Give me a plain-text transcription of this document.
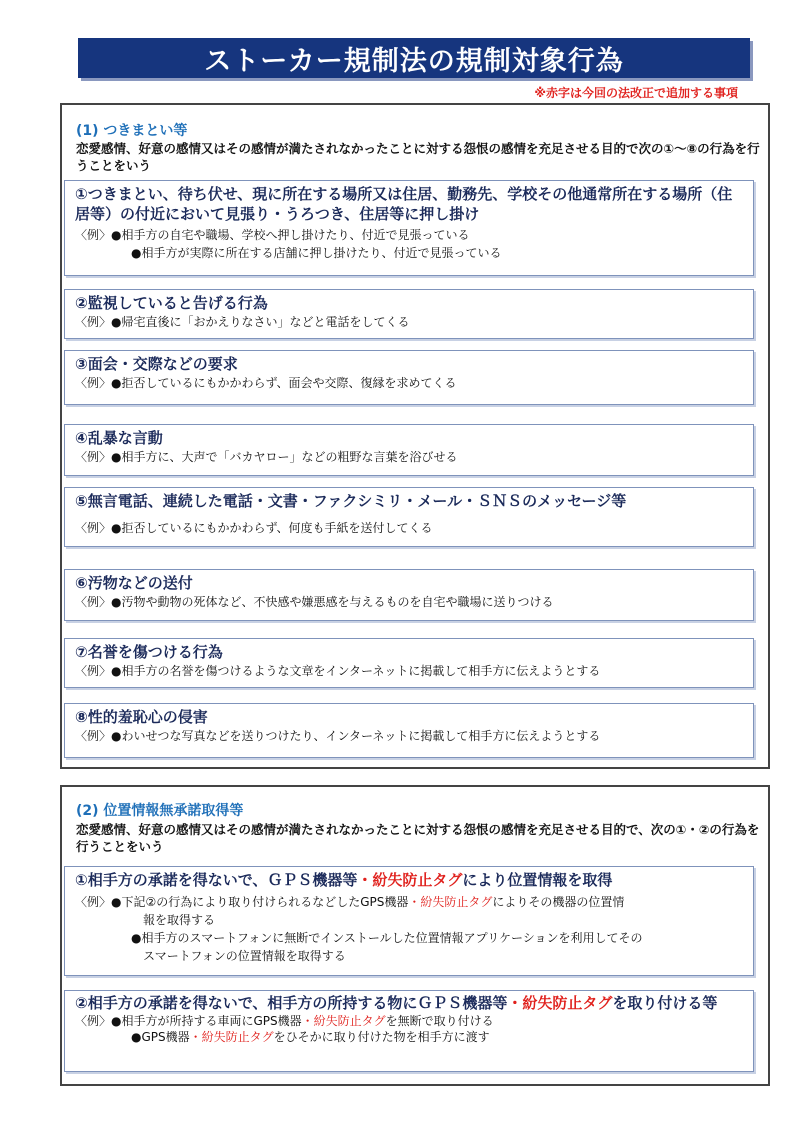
ストーカー規制法の規制対象行為
※赤字は今回の法改正で追加する事項
(1) つきまとい等
恋愛感情、好意の感情又はその感情が満たされなかったことに対する怨恨の感情を充足させる目的で次の①～⑧の行為を行うことをいう
①つきまとい、待ち伏せ、現に所在する場所又は住居、勤務先、学校その他通常所在する場所（住居等）の付近において見張り・うろつき、住居等に押し掛け
〈例〉●相手方の自宅や職場、学校へ押し掛けたり、付近で見張っている
●相手方が実際に所在する店舗に押し掛けたり、付近で見張っている
②監視していると告げる行為
〈例〉●帰宅直後に「おかえりなさい」などと電話をしてくる
③面会・交際などの要求
〈例〉●拒否しているにもかかわらず、面会や交際、復縁を求めてくる
④乱暴な言動
〈例〉●相手方に、大声で「バカヤロー」などの粗野な言葉を浴びせる
⑤無言電話、連続した電話・文書・ファクシミリ・メール・ＳＮＳのメッセージ等
〈例〉●拒否しているにもかかわらず、何度も手紙を送付してくる
⑥汚物などの送付
〈例〉●汚物や動物の死体など、不快感や嫌悪感を与えるものを自宅や職場に送りつける
⑦名誉を傷つける行為
〈例〉●相手方の名誉を傷つけるような文章をインターネットに掲載して相手方に伝えようとする
⑧性的羞恥心の侵害
〈例〉●わいせつな写真などを送りつけたり、インターネットに掲載して相手方に伝えようとする
(2) 位置情報無承諾取得等
恋愛感情、好意の感情又はその感情が満たされなかったことに対する怨恨の感情を充足させる目的で、次の①・②の行為を行うことをいう
①相手方の承諾を得ないで、ＧＰＳ機器等・紛失防止タグにより位置情報を取得
〈例〉●下記②の行為により取り付けられるなどしたGPS機器・紛失防止タグによりその機器の位置情
報を取得する
●相手方のスマートフォンに無断でインストールした位置情報アプリケーションを利用してその
スマートフォンの位置情報を取得する
②相手方の承諾を得ないで、相手方の所持する物にＧＰＳ機器等・紛失防止タグを取り付ける等
〈例〉●相手方が所持する車両にGPS機器・紛失防止タグを無断で取り付ける
●GPS機器・紛失防止タグをひそかに取り付けた物を相手方に渡す
